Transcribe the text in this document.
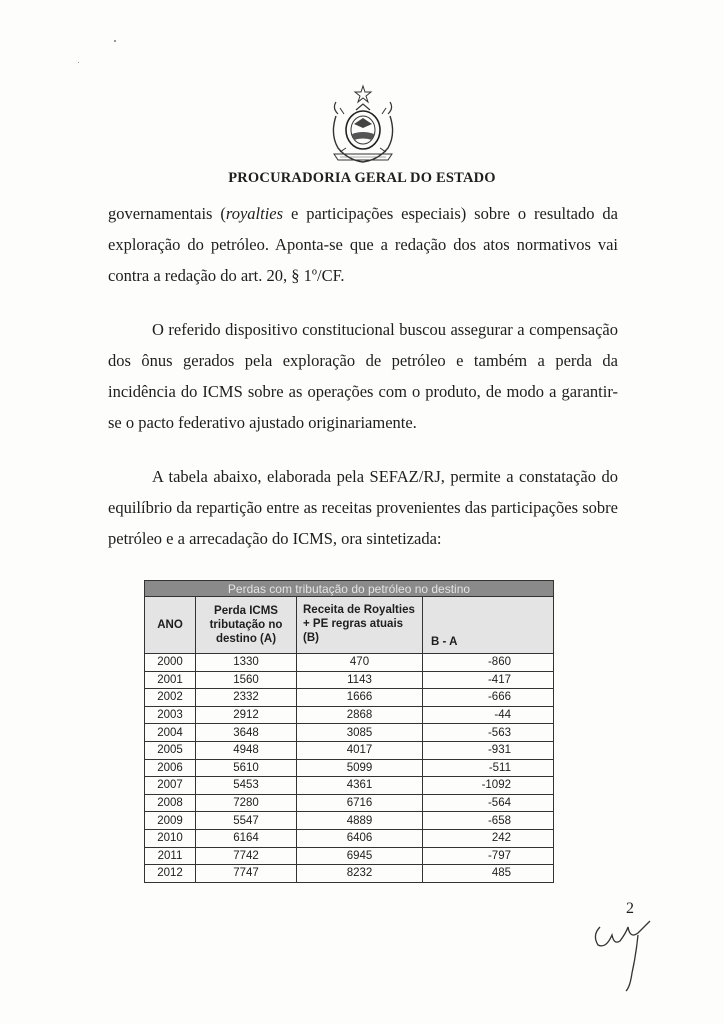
PROCURADORIA GERAL DO ESTADO

governamentais (royalties e participações especiais) sobre o resultado da exploração do petróleo. Aponta-se que a redação dos atos normativos vai contra a redação do art. 20, § 1º/CF.

O referido dispositivo constitucional buscou assegurar a compensação dos ônus gerados pela exploração de petróleo e também a perda da incidência do ICMS sobre as operações com o produto, de modo a garantir-se o pacto federativo ajustado originariamente.

A tabela abaixo, elaborada pela SEFAZ/RJ, permite a constatação do equilíbrio da repartição entre as receitas provenientes das participações sobre petróleo e a arrecadação do ICMS, ora sintetizada:

Perdas com tributação do petróleo no destino			
ANO	Perda ICMS tributação no destino (A)	Receita de Royalties + PE regras atuais (B)	B - A
2000	1330	470	-860
2001	1560	1143	-417
2002	2332	1666	-666
2003	2912	2868	-44
2004	3648	3085	-563
2005	4948	4017	-931
2006	5610	5099	-511
2007	5453	4361	-1092
2008	7280	6716	-564
2009	5547	4889	-658
2010	6164	6406	242
2011	7742	6945	-797
2012	7747	8232	485
2
